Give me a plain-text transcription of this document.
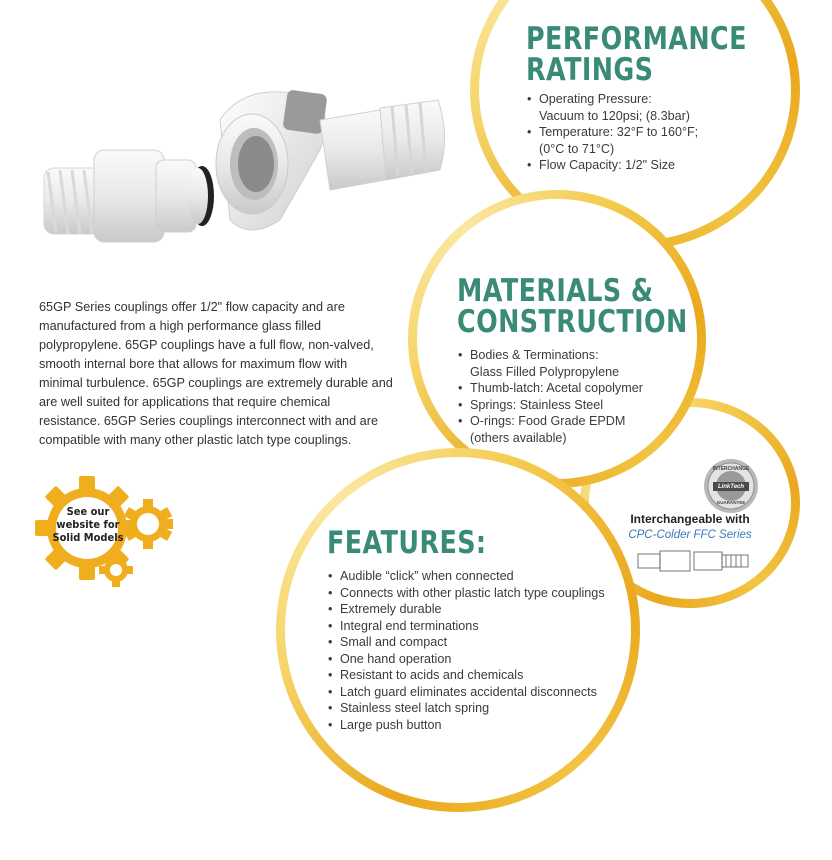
PERFORMANCE
RATINGS
• Operating Pressure:
Vacuum to 120psi; (8.3bar)
• Temperature: 32°F to 160°F;
(0°C to 71°C)
• Flow Capacity: 1/2" Size
MATERIALS &
CONSTRUCTION
• Bodies & Terminations:
Glass Filled Polypropylene
• Thumb-latch: Acetal copolymer
• Springs: Stainless Steel
• O-rings: Food Grade EPDM
(others available)
INTERCHANGE
LinkTech
GUARANTEE
Interchangeable with
CPC-Colder FFC Series
65GP Series couplings offer 1/2" flow capacity and are manufactured from a high performance glass filled polypropylene. 65GP couplings have a full flow, non-valved, smooth internal bore that allows for maximum flow with minimal turbulence. 65GP couplings are extremely durable and are well suited for applications that require chemical resistance. 65GP Series couplings interconnect with and are compatible with many other plastic latch type couplings.
See our
website for
Solid Models	FEATURES:
• Audible “click” when connected
• Connects with other plastic latch type couplings
• Extremely durable
• Integral end terminations
• Small and compact
• One hand operation
• Resistant to acids and chemicals
• Latch guard eliminates accidental disconnects
• Stainless steel latch spring
• Large push button
